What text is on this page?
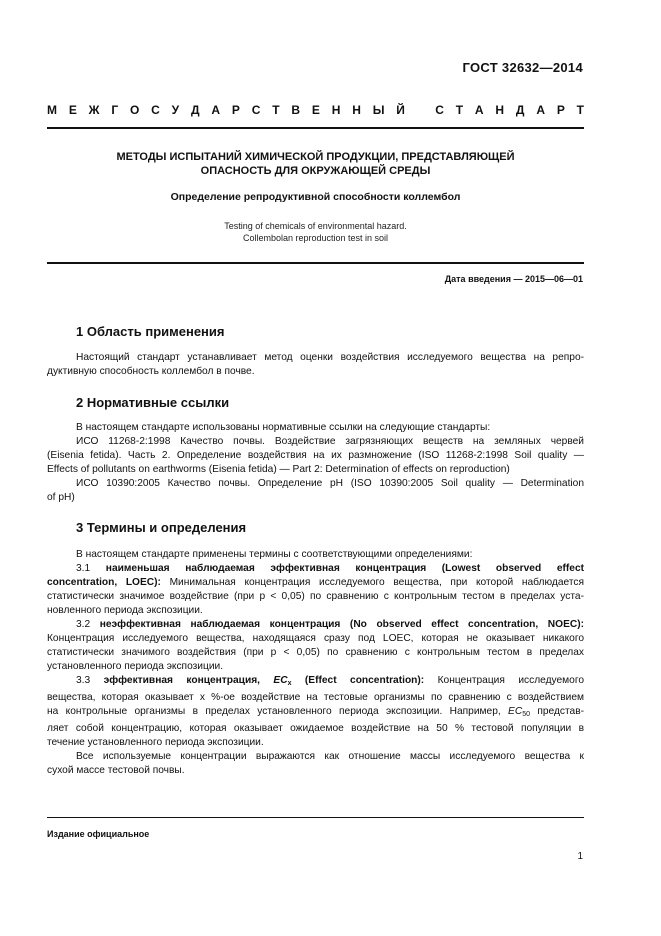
ГОСТ 32632—2014
М Е Ж Г О С У Д А Р С Т В Е Н Н Ы Й
	С Т А Н Д А Р Т
МЕТОДЫ ИСПЫТАНИЙ ХИМИЧЕСКОЙ ПРОДУКЦИИ, ПРЕДСТАВЛЯЮЩЕЙ
ОПАСНОСТЬ ДЛЯ ОКРУЖАЮЩЕЙ СРЕДЫ
Определение репродуктивной способности коллембол
Testing of chemicals of environmental hazard.
Collembolan reproduction test in soil
Дата введения — 2015—06—01
1 Область применения
Настоящий стандарт устанавливает метод оценки воздействия исследуемого вещества на репро-
дуктивную способность коллембол в почве.
2 Нормативные ссылки
В настоящем стандарте использованы нормативные ссылки на следующие стандарты:
ИСО 11268-2:1998 Качество почвы. Воздействие загрязняющих веществ на земляных червей
(Eisenia fetida). Часть 2. Определение воздействия на их размножение (ISO 11268-2:1998 Soil quality —
Effects of pollutants on earthworms (Eisenia fetida) — Part 2: Determination of effects on reproduction)
ИСО 10390:2005 Качество почвы. Определение pH (ISO 10390:2005 Soil quality — Determination
of pH)
3 Термины и определения
В настоящем стандарте применены термины с соответствующими определениями:
3.1 наименьшая наблюдаемая эффективная концентрация (Lowest observed effect
concentration, LOEC): Минимальная концентрация исследуемого вещества, при которой наблюдается
статистически значимое воздействие (при p < 0,05) по сравнению с контрольным тестом в пределах уста-
новленного периода экспозиции.
3.2 неэффективная наблюдаемая концентрация (No observed effect concentration, NOEC):
Концентрация исследуемого вещества, находящаяся сразу под LOEC, которая не оказывает никакого
статистически значимого воздействия (при p < 0,05) по сравнению с контрольным тестом в пределах
установленного периода экспозиции.
3.3 эффективная концентрация, $EC_x$ (Effect concentration): Концентрация исследуемого
вещества, которая оказывает x %-ое воздействие на тестовые организмы по сравнению с воздействием
на контрольные организмы в пределах установленного периода экспозиции. Например, $EC_{50}$ представ-
ляет собой концентрацию, которая оказывает ожидаемое воздействие на 50 % тестовой популяции в
течение установленного периода экспозиции.
Все используемые концентрации выражаются как отношение массы исследуемого вещества к
сухой массе тестовой почвы.
Издание официальное
1
